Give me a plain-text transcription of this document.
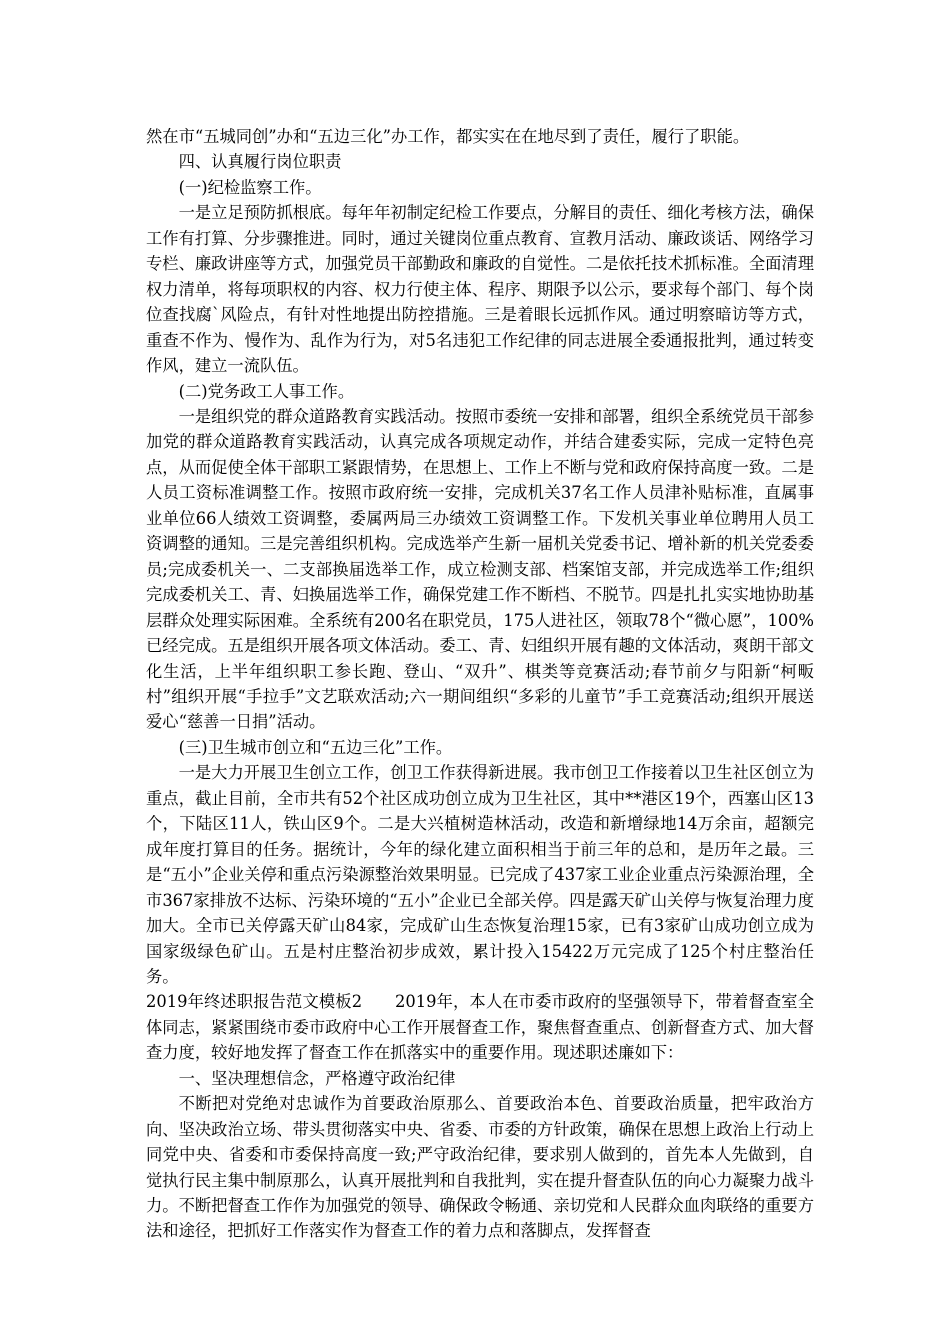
然在市“五城同创”办和“五边三化”办工作，都实实在在地尽到了责任，履行了职能。

四、认真履行岗位职责

(一)纪检监察工作。

一是立足预防抓根底。每年年初制定纪检工作要点，分解目的责任、细化考核方法，确保工作有打算、分步骤推进。同时，通过关键岗位重点教育、宣教月活动、廉政谈话、网络学习专栏、廉政讲座等方式，加强党员干部勤政和廉政的自觉性。二是依托技术抓标准。全面清理权力清单，将每项职权的内容、权力行使主体、程序、期限予以公示，要求每个部门、每个岗位查找腐`风险点，有针对性地提出防控措施。三是着眼长远抓作风。通过明察暗访等方式，重查不作为、慢作为、乱作为行为，对5名违犯工作纪律的同志进展全委通报批判，通过转变作风，建立一流队伍。

(二)党务政工人事工作。

一是组织党的群众道路教育实践活动。按照市委统一安排和部署，组织全系统党员干部参加党的群众道路教育实践活动，认真完成各项规定动作，并结合建委实际，完成一定特色亮点，从而促使全体干部职工紧跟情势，在思想上、工作上不断与党和政府保持高度一致。二是人员工资标准调整工作。按照市政府统一安排，完成机关37名工作人员津补贴标准，直属事业单位66人绩效工资调整，委属两局三办绩效工资调整工作。下发机关事业单位聘用人员工资调整的通知。三是完善组织机构。完成选举产生新一届机关党委书记、增补新的机关党委委员;完成委机关一、二支部换届选举工作，成立检测支部、档案馆支部，并完成选举工作;组织完成委机关工、青、妇换届选举工作，确保党建工作不断档、不脱节。四是扎扎实实地协助基层群众处理实际困难。全系统有200名在职党员，175人进社区，领取78个“微心愿”，100%已经完成。五是组织开展各项文体活动。委工、青、妇组织开展有趣的文体活动，爽朗干部文化生活，上半年组织职工参长跑、登山、“双升”、棋类等竞赛活动;春节前夕与阳新“柯畈村”组织开展“手拉手”文艺联欢活动;六一期间组织“多彩的儿童节”手工竞赛活动;组织开展送爱心“慈善一日捐”活动。

(三)卫生城市创立和“五边三化”工作。

一是大力开展卫生创立工作，创卫工作获得新进展。我市创卫工作接着以卫生社区创立为重点，截止目前，全市共有52个社区成功创立成为卫生社区，其中**港区19个，西塞山区13个，下陆区11人，铁山区9个。二是大兴植树造林活动，改造和新增绿地14万余亩，超额完成年度打算目的任务。据统计，今年的绿化建立面积相当于前三年的总和，是历年之最。三是“五小”企业关停和重点污染源整治效果明显。已完成了437家工业企业重点污染源治理，全市367家排放不达标、污染环境的“五小”企业已全部关停。四是露天矿山关停与恢复治理力度加大。全市已关停露天矿山84家，完成矿山生态恢复治理15家，已有3家矿山成功创立成为国家级绿色矿山。五是村庄整治初步成效，累计投入15422万元完成了125个村庄整治任务。

2019年终述职报告范文模板2　　2019年，本人在市委市政府的坚强领导下，带着督查室全体同志，紧紧围绕市委市政府中心工作开展督查工作，聚焦督查重点、创新督查方式、加大督查力度，较好地发挥了督查工作在抓落实中的重要作用。现述职述廉如下：

一、坚决理想信念，严格遵守政治纪律

不断把对党绝对忠诚作为首要政治原那么、首要政治本色、首要政治质量，把牢政治方向、坚决政治立场、带头贯彻落实中央、省委、市委的方针政策，确保在思想上政治上行动上同党中央、省委和市委保持高度一致;严守政治纪律，要求别人做到的，首先本人先做到，自觉执行民主集中制原那么，认真开展批判和自我批判，实在提升督查队伍的向心力凝聚力战斗力。不断把督查工作作为加强党的领导、确保政令畅通、亲切党和人民群众血肉联络的重要方法和途径，把抓好工作落实作为督查工作的着力点和落脚点，发挥督查
